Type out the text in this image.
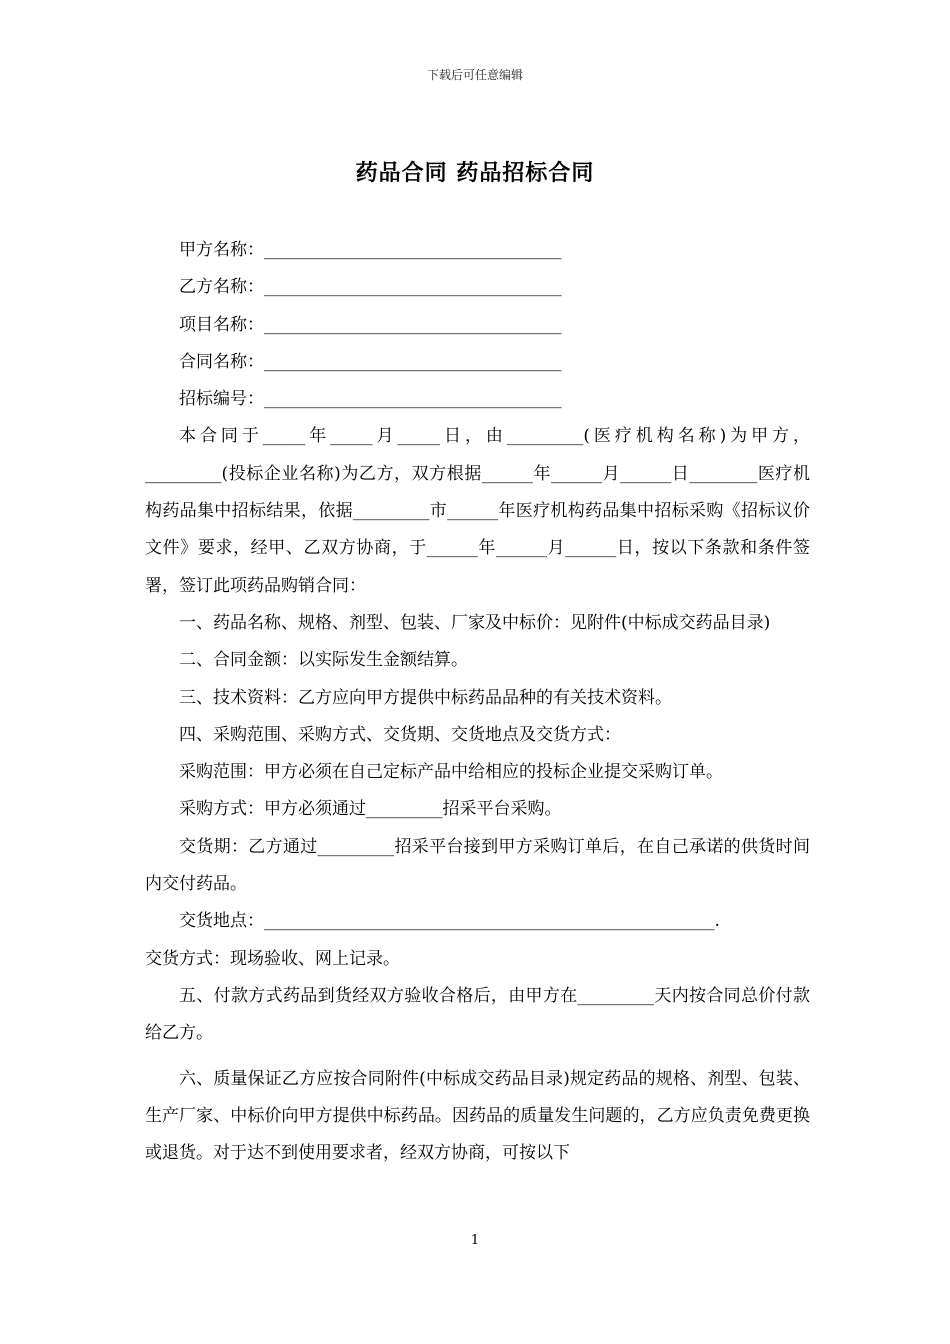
下载后可任意编辑
药品合同 药品招标合同

甲方名称：___________________________________

乙方名称：___________________________________

项目名称：___________________________________

合同名称：___________________________________

招标编号：___________________________________

本合同于_____年_____月_____日，由_________(医疗机构名称)为甲方，_________(投标企业名称)为乙方，双方根据______年______月______日________医疗机构药品集中招标结果，依据_________市______年医疗机构药品集中招标采购《招标议价文件》要求，经甲、乙双方协商，于______年______月______日，按以下条款和条件签署，签订此项药品购销合同：

一、药品名称、规格、剂型、包装、厂家及中标价：见附件(中标成交药品目录)

二、合同金额：以实际发生金额结算。

三、技术资料：乙方应向甲方提供中标药品品种的有关技术资料。

四、采购范围、采购方式、交货期、交货地点及交货方式：

采购范围：甲方必须在自己定标产品中给相应的投标企业提交采购订单。

采购方式：甲方必须通过_________招采平台采购。

交货期：乙方通过_________招采平台接到甲方采购订单后，在自己承诺的供货时间内交付药品。

交货地点：_____________________________________________________.

交货方式：现场验收、网上记录。

五、付款方式药品到货经双方验收合格后，由甲方在_________天内按合同总价付款给乙方。

六、质量保证乙方应按合同附件(中标成交药品目录)规定药品的规格、剂型、包装、生产厂家、中标价向甲方提供中标药品。因药品的质量发生问题的，乙方应负责免费更换或退货。对于达不到使用要求者，经双方协商，可按以下

1
